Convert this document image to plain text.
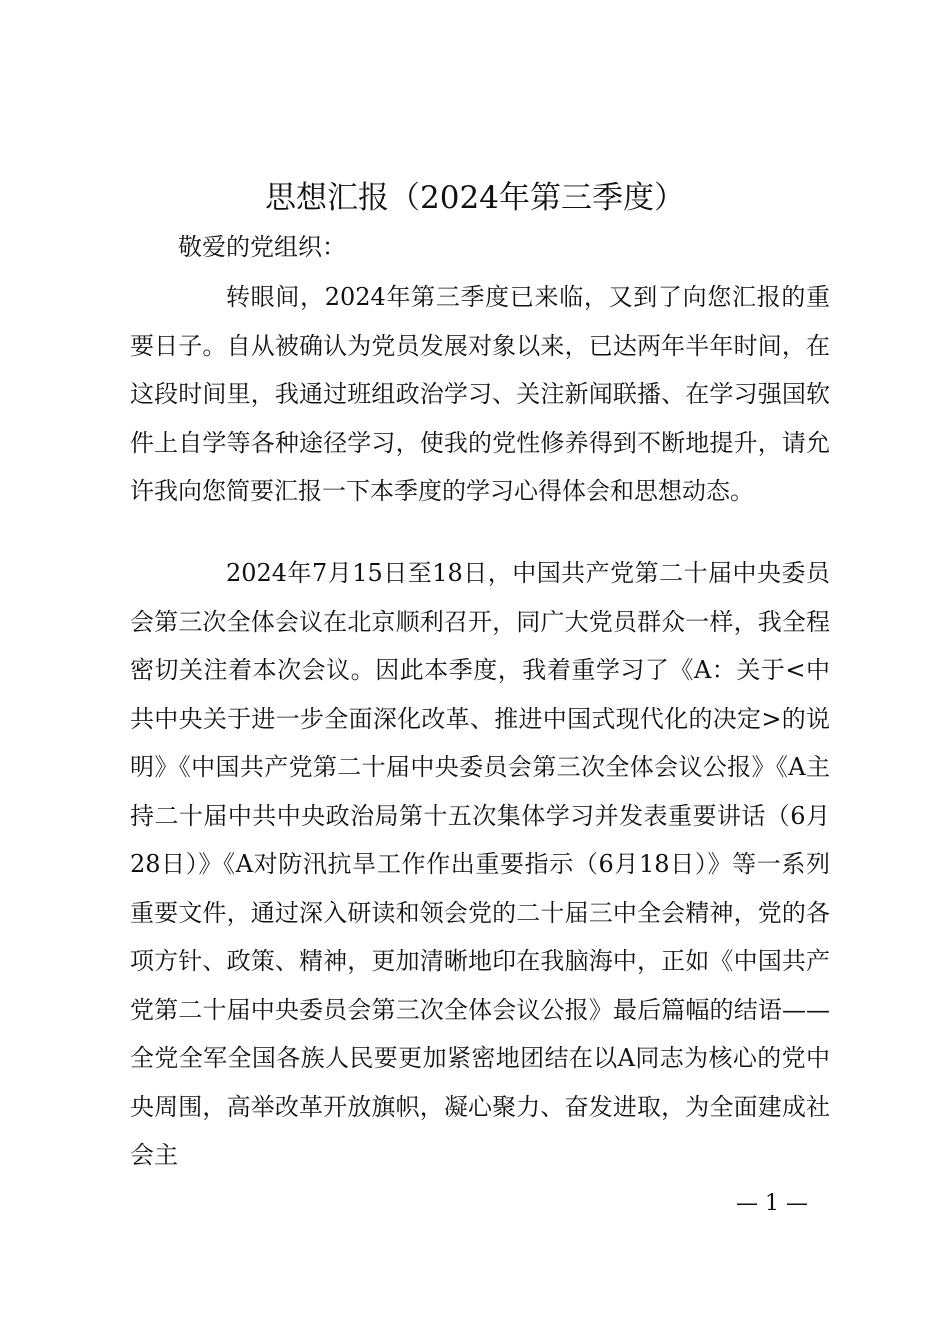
思想汇报（2024年第三季度）
敬爱的党组织：

转眼间，2024年第三季度已来临，又到了向您汇报的重要日子。自从被确认为党员发展对象以来，已达两年半年时间，在这段时间里，我通过班组政治学习、关注新闻联播、在学习强国软件上自学等各种途径学习，使我的党性修养得到不断地提升，请允许我向您简要汇报一下本季度的学习心得体会和思想动态。

2024年7月15日至18日，中国共产党第二十届中央委员会第三次全体会议在北京顺利召开，同广大党员群众一样，我全程密切关注着本次会议。因此本季度，我着重学习了《A：关于<中共中央关于进一步全面深化改革、推进中国式现代化的决定>的说明》《中国共产党第二十届中央委员会第三次全体会议公报》《A主持二十届中共中央政治局第十五次集体学习并发表重要讲话（6月28日）》《A对防汛抗旱工作作出重要指示（6月18日）》等一系列重要文件，通过深入研读和领会党的二十届三中全会精神，党的各项方针、政策、精神，更加清晰地印在我脑海中，正如《中国共产党第二十届中央委员会第三次全体会议公报》最后篇幅的结语——全党全军全国各族人民要更加紧密地团结在以A同志为核心的党中央周围，高举改革开放旗帜，凝心聚力、奋发进取，为全面建成社会主

— 1 —
